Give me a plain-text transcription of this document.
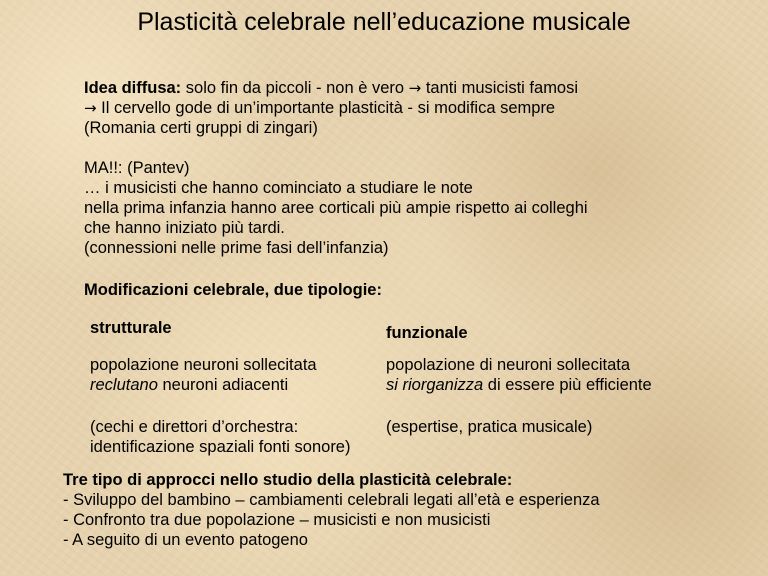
Plasticità celebrale nell’educazione musicale
Idea diffusa: solo fin da piccoli - non è vero → tanti musicisti famosi
→ Il cervello gode di un’importante plasticità - si modifica sempre
(Romania certi gruppi di zingari)
MA!!: (Pantev)
… i musicisti che hanno cominciato a studiare le note
nella prima infanzia hanno aree corticali più ampie rispetto ai colleghi
che hanno iniziato più tardi.
(connessioni nelle prime fasi dell’infanzia)
Modificazioni celebrale, due tipologie:
strutturale
popolazione neuroni sollecitata
reclutano neuroni adiacenti
(cechi e direttori d’orchestra:
identificazione spaziali fonti sonore)
funzionale
popolazione di neuroni sollecitata
si riorganizza di essere più efficiente
(espertise, pratica musicale)
Tre tipo di approcci nello studio della plasticità celebrale:
- Sviluppo del bambino – cambiamenti celebrali legati all’età e esperienza
- Confronto tra due popolazione – musicisti e non musicisti
- A seguito di un evento patogeno
